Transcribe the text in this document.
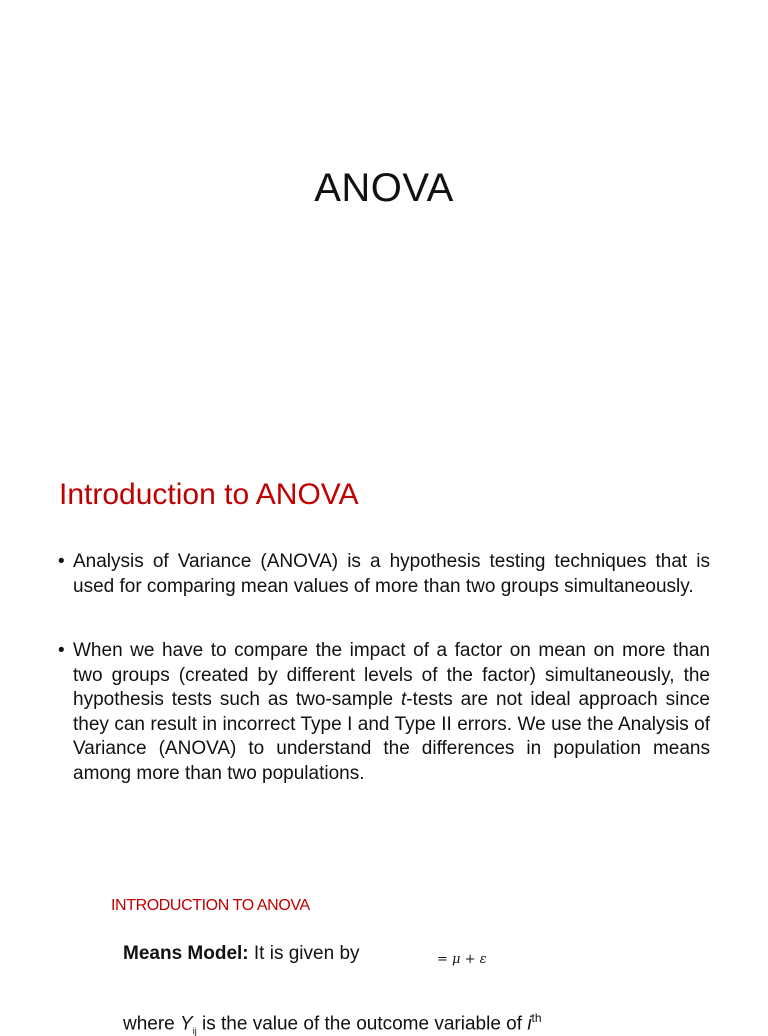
ANOVA
Introduction to ANOVA
• Analysis of Variance (ANOVA) is a hypothesis testing techniques that is used for comparing mean values of more than two groups simultaneously.
• When we have to compare the impact of a factor on mean on more than two groups (created by different levels of the factor) simultaneously, the hypothesis tests such as two-sample t-tests are not ideal approach since they can result in incorrect Type I and Type II errors. We use the Analysis of Variance (ANOVA) to understand the differences in population means among more than two populations.
INTRODUCTION TO ANOVA
Means Model: It is given by	= μ + ε
where $Y_{ij}$ is the value of the outcome variable of $i^{th}$
